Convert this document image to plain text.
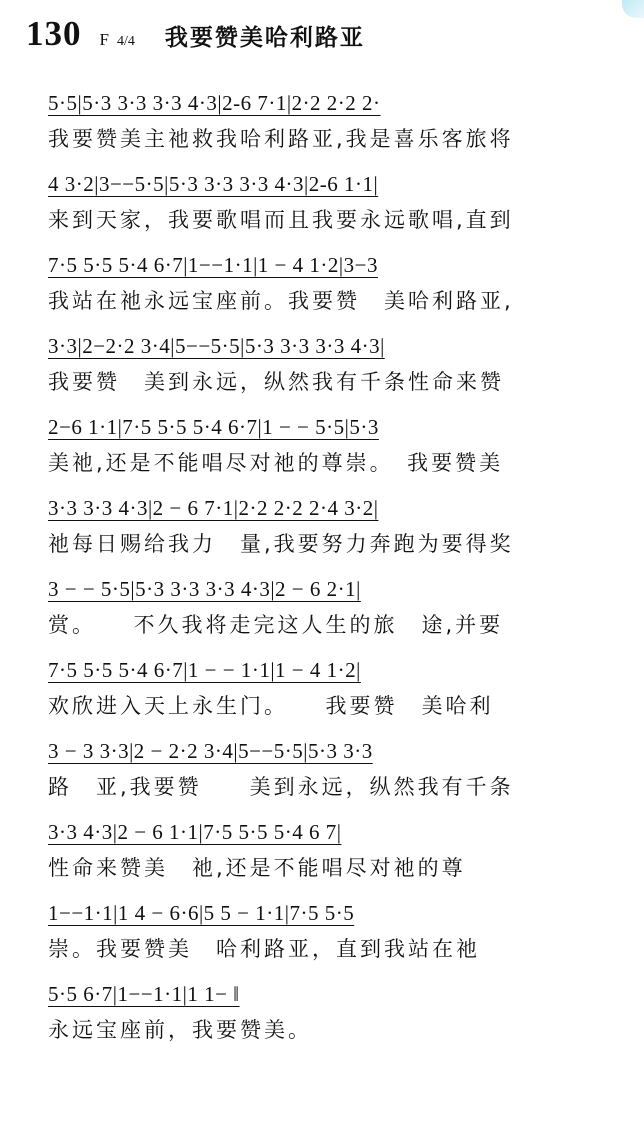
130 F 4/4 我要赞美哈利路亚
5·5|5·3 3·3 3·3 4·3|2-6 7·1|2·2 2·2 2·
我要赞美主祂救我哈利路亚,我是喜乐客旅将
4 3·2|3−−5·5|5·3 3·3 3·3 4·3|2-6 1·1|
来到天家，我要歌唱而且我要永远歌唱,直到
7·5 5·5 5·4 6·7|1−−1·1|1 − 4 1·2|3−3
我站在祂永远宝座前。我要赞　美哈利路亚,
3·3|2−2·2 3·4|5−−5·5|5·3 3·3 3·3 4·3|
我要赞　美到永远，纵然我有千条性命来赞
2−6 1·1|7·5 5·5 5·4 6·7|1 − − 5·5|5·3
美祂,还是不能唱尽对祂的尊崇。　我要赞美
3·3 3·3 4·3|2 − 6 7·1|2·2 2·2 2·4 3·2|
祂每日赐给我力　量,我要努力奔跑为要得奖
3 − − 5·5|5·3 3·3 3·3 4·3|2 − 6 2·1|
赏。　　不久我将走完这人生的旅　途,并要
7·5 5·5 5·4 6·7|1 − − 1·1|1 − 4 1·2|
欢欣进入天上永生门。　　我要赞　美哈利
3 − 3 3·3|2 − 2·2 3·4|5−−5·5|5·3 3·3
路　亚,我要赞　　美到永远，纵然我有千条
3·3 4·3|2 − 6 1·1|7·5 5·5 5·4 6 7|
性命来赞美　祂,还是不能唱尽对祂的尊
1−−1·1|1 4 − 6·6|5 5 − 1·1|7·5 5·5
崇。我要赞美　哈利路亚，直到我站在祂
5·5 6·7|1−−1·1|1 1− ‖
永远宝座前，我要赞美。
